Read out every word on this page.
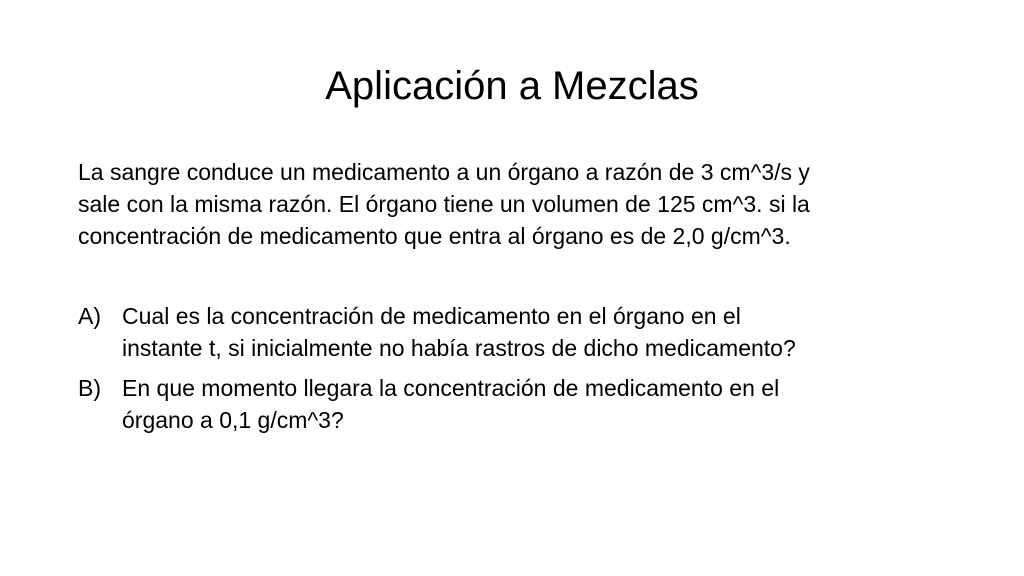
Aplicación a Mezclas

La sangre conduce un medicamento a un órgano a razón de 3 cm^3/s y

sale con la misma razón. El órgano tiene un volumen de 125 cm^3. si la

concentración de medicamento que entra al órgano es de 2,0 g/cm^3.

A) Cual es la concentración de medicamento en el órgano en el
instante t, si inicialmente no había rastros de dicho medicamento?
B) En que momento llegara la concentración de medicamento en el
órgano a 0,1 g/cm^3?
